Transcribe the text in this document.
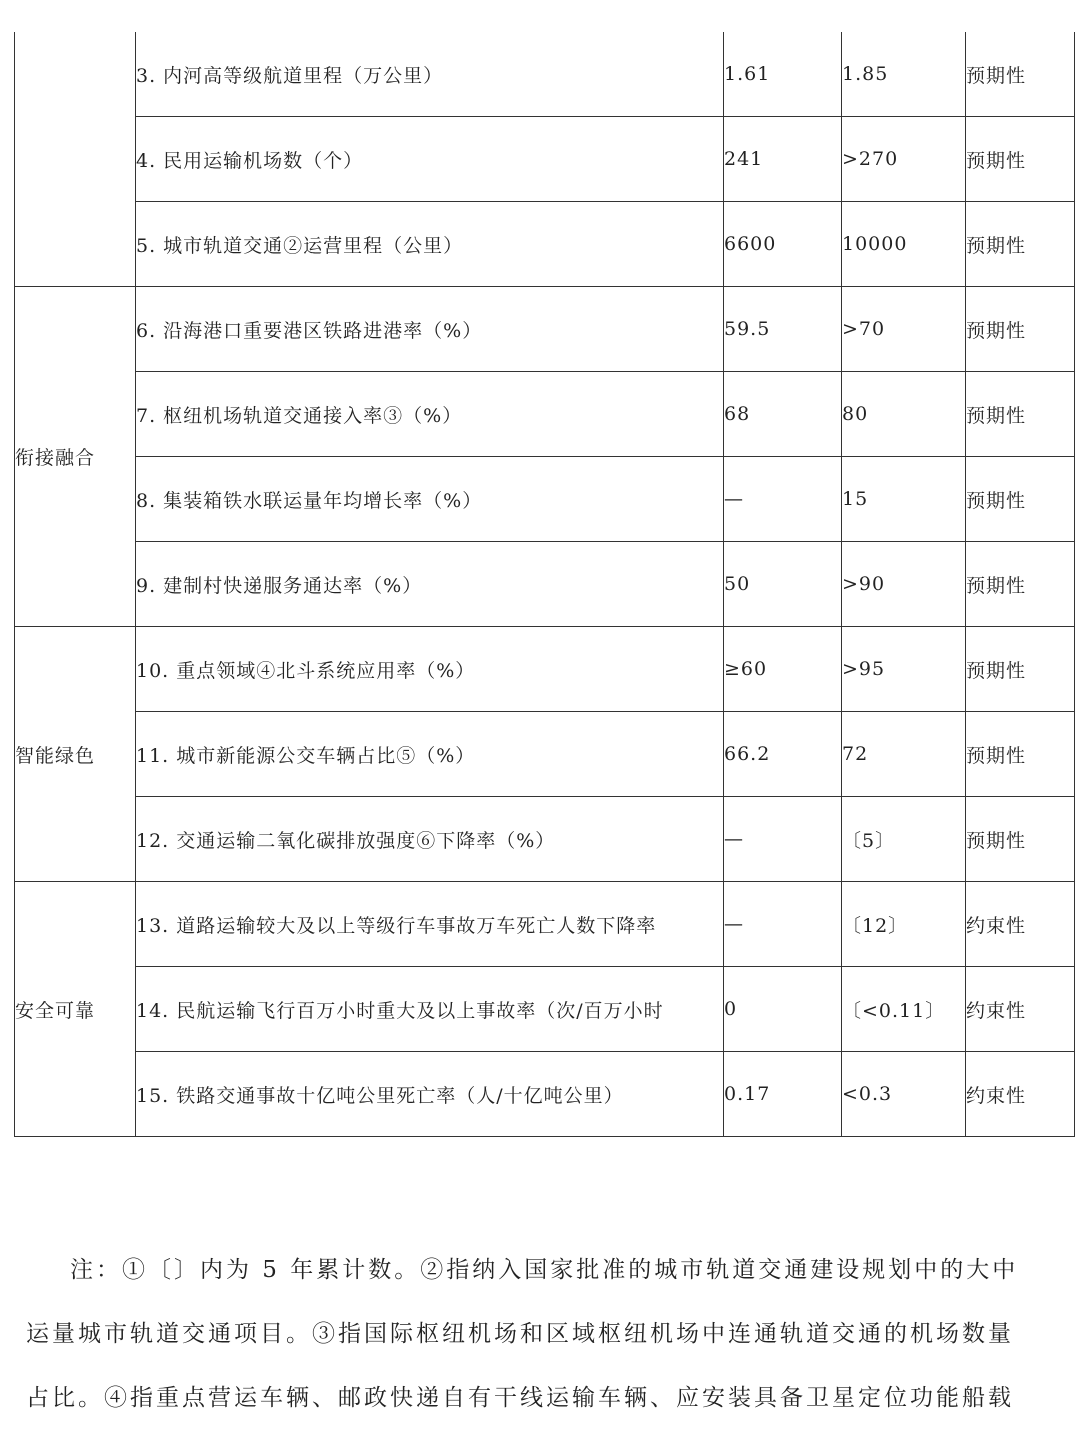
	3. 内河高等级航道里程（万公里）	1.61	1.85	预期性
	4. 民用运输机场数（个）	241	>270	预期性
	5. 城市轨道交通②运营里程（公里）	6600	10000	预期性
衔接融合	6. 沿海港口重要港区铁路进港率（%）	59.5	>70	预期性
	7. 枢纽机场轨道交通接入率③（%）	68	80	预期性
	8. 集装箱铁水联运量年均增长率（%）	—	15	预期性
	9. 建制村快递服务通达率（%）	50	>90	预期性
智能绿色	10. 重点领域④北斗系统应用率（%）	≥60	>95	预期性
	11. 城市新能源公交车辆占比⑤（%）	66.2	72	预期性
	12. 交通运输二氧化碳排放强度⑥下降率（%）	—	〔5〕	预期性
安全可靠	13. 道路运输较大及以上等级行车事故万车死亡人数下降率	—	〔12〕	约束性
	14. 民航运输飞行百万小时重大及以上事故率（次/百万小时	0	〔<0.11〕	约束性
	15. 铁路交通事故十亿吨公里死亡率（人/十亿吨公里）	0.17	<0.3	约束性

注：①〔〕内为 5 年累计数。②指纳入国家批准的城市轨道交通建设规划中的大中

运量城市轨道交通项目。③指国际枢纽机场和区域枢纽机场中连通轨道交通的机场数量

占比。④指重点营运车辆、邮政快递自有干线运输车辆、应安装具备卫星定位功能船载
